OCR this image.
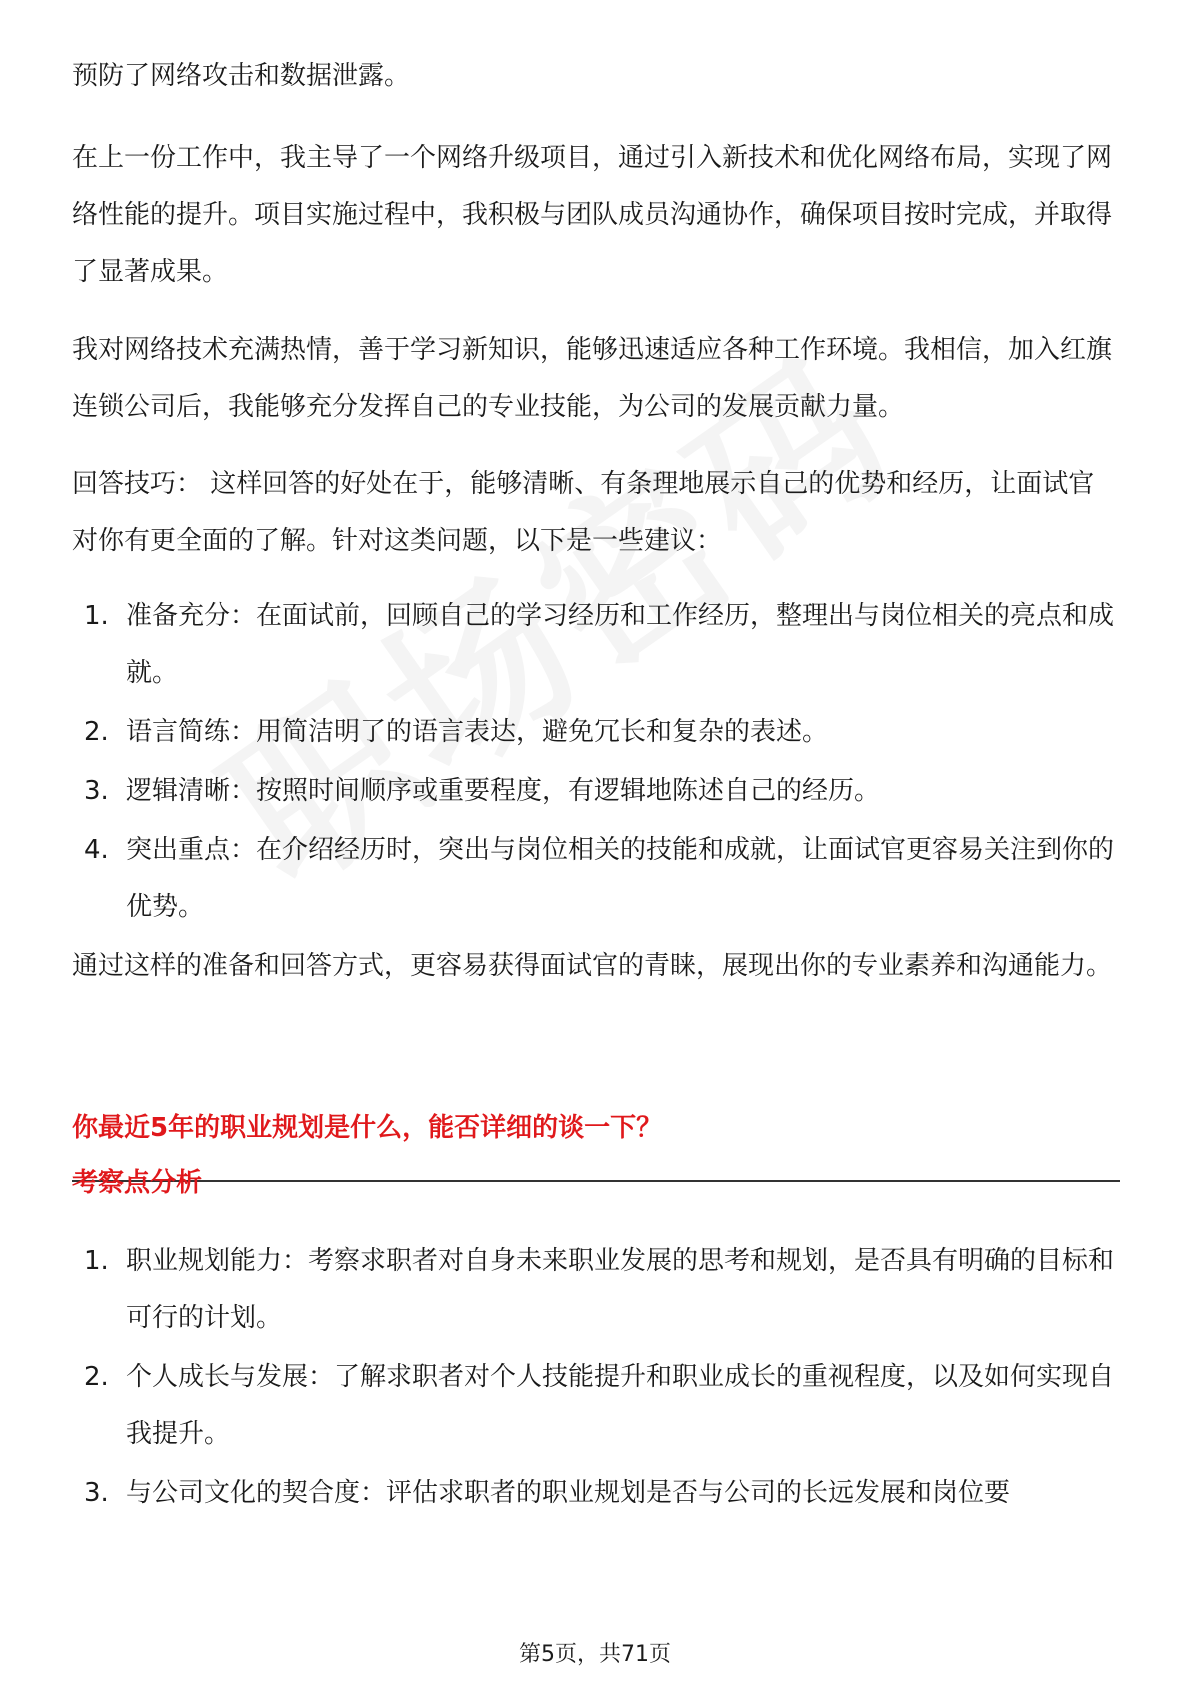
预防了网络攻击和数据泄露。

在上一份工作中，我主导了一个网络升级项目，通过引入新技术和优化网络布局，实现了网络性能的提升。项目实施过程中，我积极与团队成员沟通协作，确保项目按时完成，并取得了显著成果。

我对网络技术充满热情，善于学习新知识，能够迅速适应各种工作环境。我相信，加入红旗连锁公司后，我能够充分发挥自己的专业技能，为公司的发展贡献力量。

回答技巧： 这样回答的好处在于，能够清晰、有条理地展示自己的优势和经历，让面试官对你有更全面的了解。针对这类问题，以下是一些建议：

1. 准备充分：在面试前，回顾自己的学习经历和工作经历，整理出与岗位相关的亮点和成就。
2. 语言简练：用简洁明了的语言表达，避免冗长和复杂的表述。
3. 逻辑清晰：按照时间顺序或重要程度，有逻辑地陈述自己的经历。
4. 突出重点：在介绍经历时，突出与岗位相关的技能和成就，让面试官更容易关注到你的优势。

通过这样的准备和回答方式，更容易获得面试官的青睐，展现出你的专业素养和沟通能力。

你最近5年的职业规划是什么，能否详细的谈一下？
考察点分析
1. 职业规划能力：考察求职者对自身未来职业发展的思考和规划，是否具有明确的目标和可行的计划。
2. 个人成长与发展：了解求职者对个人技能提升和职业成长的重视程度，以及如何实现自我提升。
3. 与公司文化的契合度：评估求职者的职业规划是否与公司的长远发展和岗位要
第5页，共71页
